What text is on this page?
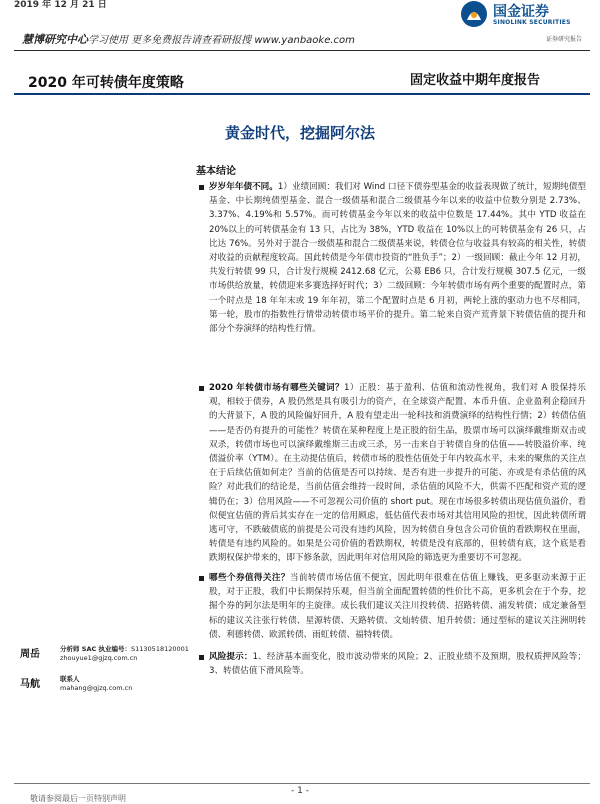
2019 年 12 月 21 日
慧博研究中心学习使用 更多免费报告请查看研报搜 www.yanbaoke.com
国金证券
SINOLINK SECURITIES
证券研究报告
2020 年可转债年度策略	固定收益中期年度报告
黄金时代，挖掘阿尔法
基本结论
岁岁年年债不同。1）业绩回顾：我们对 Wind 口径下债券型基金的收益表现做了统计，短期纯债型基金、中长期纯债型基金、混合一级债基和混合二级债基今年以来的收益中位数分别是 2.73%、3.37%、4.19%和 5.57%。而可转债基金今年以来的收益中位数是 17.44%。其中 YTD 收益在 20%以上的可转债基金有 13 只，占比为 38%，YTD 收益在 10%以上的可转债基金有 26 只，占比达 76%。另外对于混合一级债基和混合二级债基来说，转债仓位与收益具有较高的相关性，转债对收益的贡献程度较高。国此转债是今年债市投资的“胜负手”；2）一级回顾：截止今年 12 月初，共发行转债 99 只，合计发行规模 2412.68 亿元，公募 EB6 只，合计发行规模 307.5 亿元，一级市场供给放量，转债迎来多赛选择好时代；3）二级回顾：今年转债市场有两个重要的配置时点，第一个时点是 18 年年末或 19 年年初，第二个配置时点是 6 月初，两轮上涨的驱动力也不尽相同，第一轮，股市的指数性行情带动转债市场平价的提升。第二轮来自资产荒背景下转债估值的提升和部分个券演绎的结构性行情。
2020 年转债市场有哪些关键词？1）正股：基于盈利、估值和流动性视角，我们对 A 股保持乐观，相较于债券，A 股仍然是具有吸引力的资产，在全球资产配置、本币升值、企业盈利企稳回升的大背景下，A 股的风险偏好回升，A 股有望走出一轮科技和消费演绎的结构性行情；2）转债估值——是否仍有提升的可能性？转债在某种程度上是正股的衍生品，股票市场可以演绎戴维斯双击或双杀，转债市场也可以演绎戴维斯三击或三杀，另一击来自于转债自身的估值——转股溢价率、纯债溢价率（YTM）。在主动提估值后，转债市场的股性估值处于年内较高水平，未来的聚焦的关注点在于后续估值如何走？当前的估值是否可以持续、是否有进一步提升的可能、亦或是有杀估值的风险？对此我们的结论是，当前估值会维持一段时间，杀估值的风险不大，供需不匹配和资产荒的逻辑仍在；3）信用风险——不可忽视公司价值的 short put。现在市场很多转债出现估值负溢价，看似便宜估值的背后其实存在一定的信用顾虑，低估值代表市场对其信用风险的担忧，因此转债所谓逃可守，不跌破债底的前提是公司没有违约风险，因为转债自身包含公司价值的看跌期权在里面，转债是有违约风险的。如果是公司价值的看跌期权，转债是没有底部的，但转债有底，这个底是看跌期权保护带来的，即下修条款，因此明年对信用风险的筛选更为重要切不可忽视。
哪些个券值得关注？当前转债市场估值不便宜，因此明年很难在估值上赚钱，更多驱动来源于正股，对于正股，我们中长期保持乐观，但当前全面配置转债的性价比不高，更多机会在于个券，挖掘个券的阿尔法是明年的主旋律。成长我们建议关注川投转债、招路转债、浦发转债；成定兼备型标的建议关注张行转债、星源转债、天路转债、文灿转债、旭升转债；通过型标的建议关注洲明转债、利德转债、欧派转债、雨虹转债、福特转债。
风险提示：1、经济基本面变化，股市波动带来的风险；2、正股业绩不及预期，股权质押风险等；3、转债估值下滑风险等。
周岳	分析师 SAC 执业编号：S1130518120001
zhouyue1@gjzq.com.cn
马航	联系人
mahang@gjzq.com.cn
- 1 -
敬请参阅最后一页特别声明
